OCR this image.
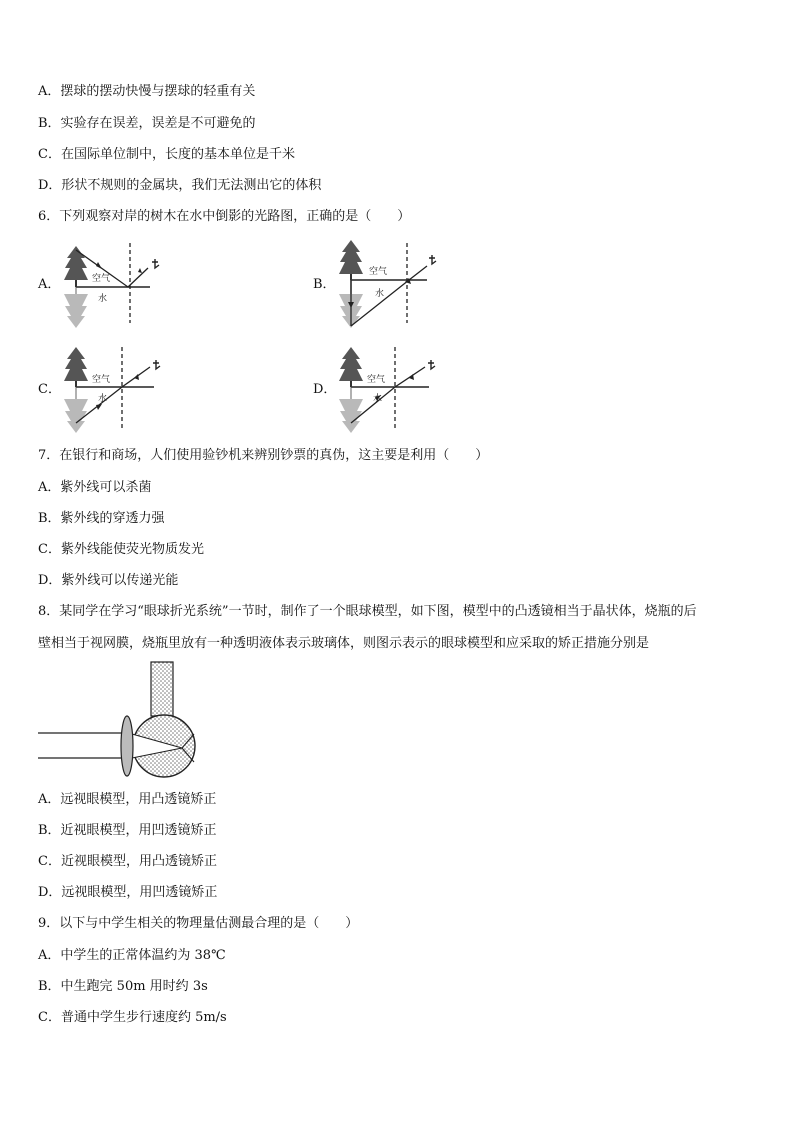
A．摆球的摆动快慢与摆球的轻重有关
B．实验存在误差，误差是不可避免的
C．在国际单位制中，长度的基本单位是千米
D．形状不规则的金属块，我们无法测出它的体积
6．下列观察对岸的树木在水中倒影的光路图，正确的是（　　）
A．	空气
水
B．
空气
水
C．
空气
水
D．
空气
水
7．在银行和商场，人们使用验钞机来辨别钞票的真伪，这主要是利用（　　）
A．紫外线可以杀菌
B．紫外线的穿透力强
C．紫外线能使荧光物质发光
D．紫外线可以传递光能
8．某同学在学习“眼球折光系统”一节时，制作了一个眼球模型，如下图，模型中的凸透镜相当于晶状体，烧瓶的后
壁相当于视网膜，烧瓶里放有一种透明液体表示玻璃体，则图示表示的眼球模型和应采取的矫正措施分别是
A．远视眼模型，用凸透镜矫正
B．近视眼模型，用凹透镜矫正
C．近视眼模型，用凸透镜矫正
D．远视眼模型，用凹透镜矫正
9．以下与中学生相关的物理量估测最合理的是（　　）
A．中学生的正常体温约为 38℃
B．中生跑完 50m 用时约 3s
C．普通中学生步行速度约 5m/s
